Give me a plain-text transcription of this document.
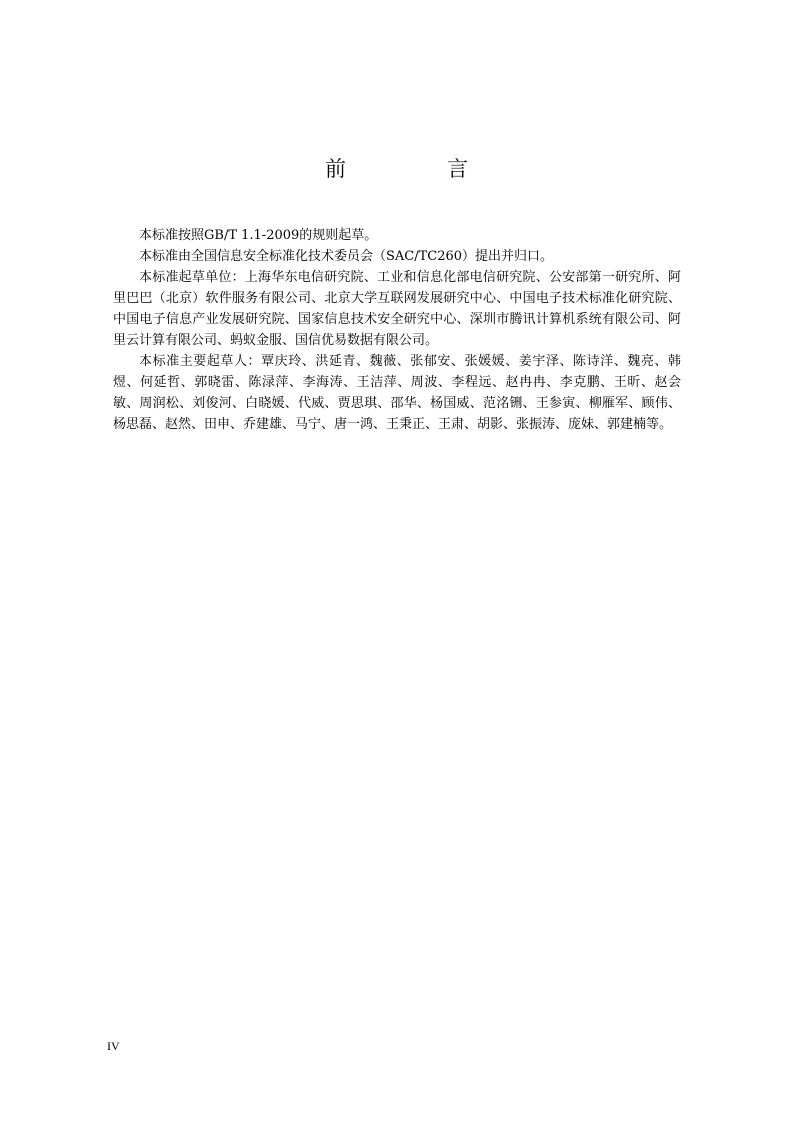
前　言

本标准按照GB/T 1.1-2009的规则起草。

本标准由全国信息安全标准化技术委员会（SAC/TC260）提出并归口。

本标准起草单位：上海华东电信研究院、工业和信息化部电信研究院、公安部第一研究所、阿里巴巴（北京）软件服务有限公司、北京大学互联网发展研究中心、中国电子技术标准化研究院、中国电子信息产业发展研究院、国家信息技术安全研究中心、深圳市腾讯计算机系统有限公司、阿里云计算有限公司、蚂蚁金服、国信优易数据有限公司。

本标准主要起草人：覃庆玲、洪延青、魏薇、张郁安、张媛媛、姜宇泽、陈诗洋、魏亮、韩煜、何延哲、郭晓雷、陈渌萍、李海涛、王洁萍、周波、李程远、赵冉冉、李克鹏、王昕、赵会敏、周润松、刘俊河、白晓媛、代威、贾思琪、邵华、杨国威、范洺铏、王参寅、柳雁军、顾伟、杨思磊、赵然、田申、乔建雄、马宁、唐一鸿、王秉正、王肃、胡影、张振涛、庞妹、郭建楠等。

IV
